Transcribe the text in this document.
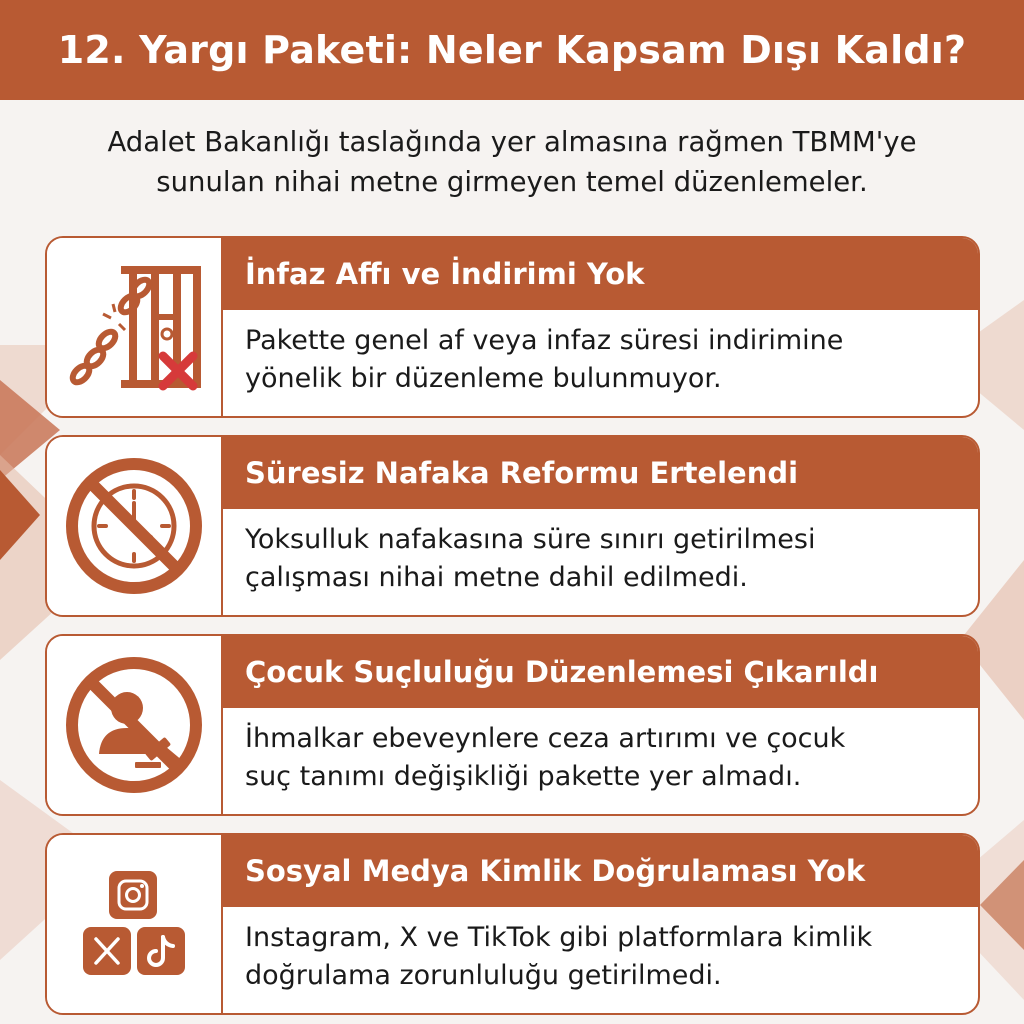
12. Yargı Paketi: Neler Kapsam Dışı Kaldı?
Adalet Bakanlığı taslağında yer almasına rağmen TBMM'ye
sunulan nihai metne girmeyen temel düzenlemeler.
İnfaz Affı ve İndirimi Yok
Pakette genel af veya infaz süresi indirimine
yönelik bir düzenleme bulunmuyor.
Süresiz Nafaka Reformu Ertelendi
Yoksulluk nafakasına süre sınırı getirilmesi
çalışması nihai metne dahil edilmedi.
Çocuk Suçluluğu Düzenlemesi Çıkarıldı
İhmalkar ebeveynlere ceza artırımı ve çocuk
suç tanımı değişikliği pakette yer almadı.
Sosyal Medya Kimlik Doğrulaması Yok
Instagram, X ve TikTok gibi platformlara kimlik
doğrulama zorunluluğu getirilmedi.
